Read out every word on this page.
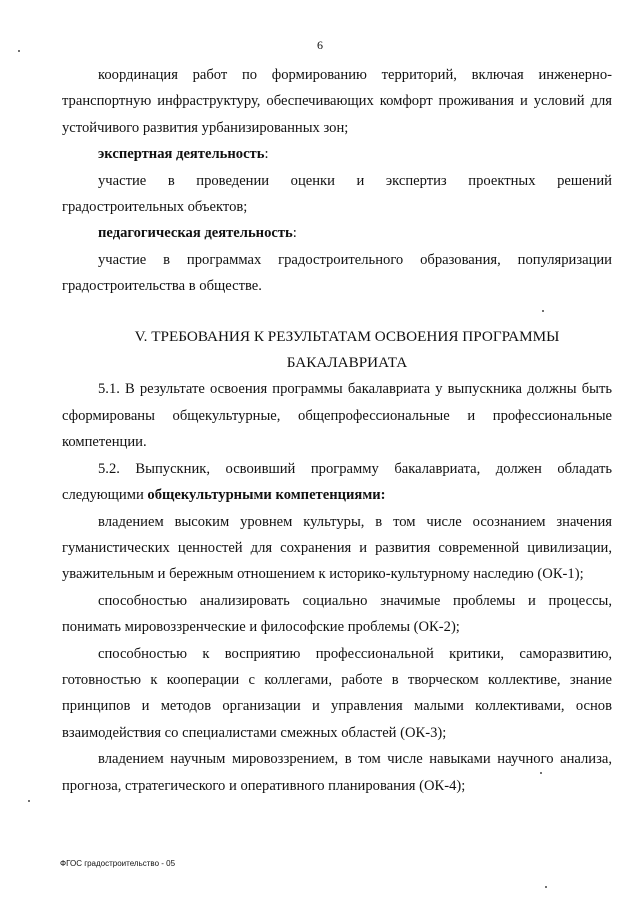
6

координация работ по формированию территорий, включая инженерно-транспортную инфраструктуру, обеспечивающих комфорт проживания и условий для устойчивого развития урбанизированных зон;

экспертная деятельность:

участие в проведении оценки и экспертиз проектных решений градостроительных объектов;

педагогическая деятельность:

участие в программах градостроительного образования, популяризации градостроительства в обществе.

V. ТРЕБОВАНИЯ К РЕЗУЛЬТАТАМ ОСВОЕНИЯ ПРОГРАММЫ
БАКАЛАВРИАТА

5.1. В результате освоения программы бакалавриата у выпускника должны быть сформированы общекультурные, общепрофессиональные и профессиональные компетенции.

5.2. Выпускник, освоивший программу бакалавриата, должен обладать следующими общекультурными компетенциями:

владением высоким уровнем культуры, в том числе осознанием значения гуманистических ценностей для сохранения и развития современной цивилизации, уважительным и бережным отношением к историко-культурному наследию (ОК-1);

способностью анализировать социально значимые проблемы и процессы, понимать мировоззренческие и философские проблемы (ОК-2);

способностью к восприятию профессиональной критики, саморазвитию, готовностью к кооперации с коллегами, работе в творческом коллективе, знание принципов и методов организации и управления малыми коллективами, основ взаимодействия со специалистами смежных областей (ОК-3);

владением научным мировоззрением, в том числе навыками научного анализа, прогноза, стратегического и оперативного планирования (ОК-4);

ФГОС градостроительство - 05
